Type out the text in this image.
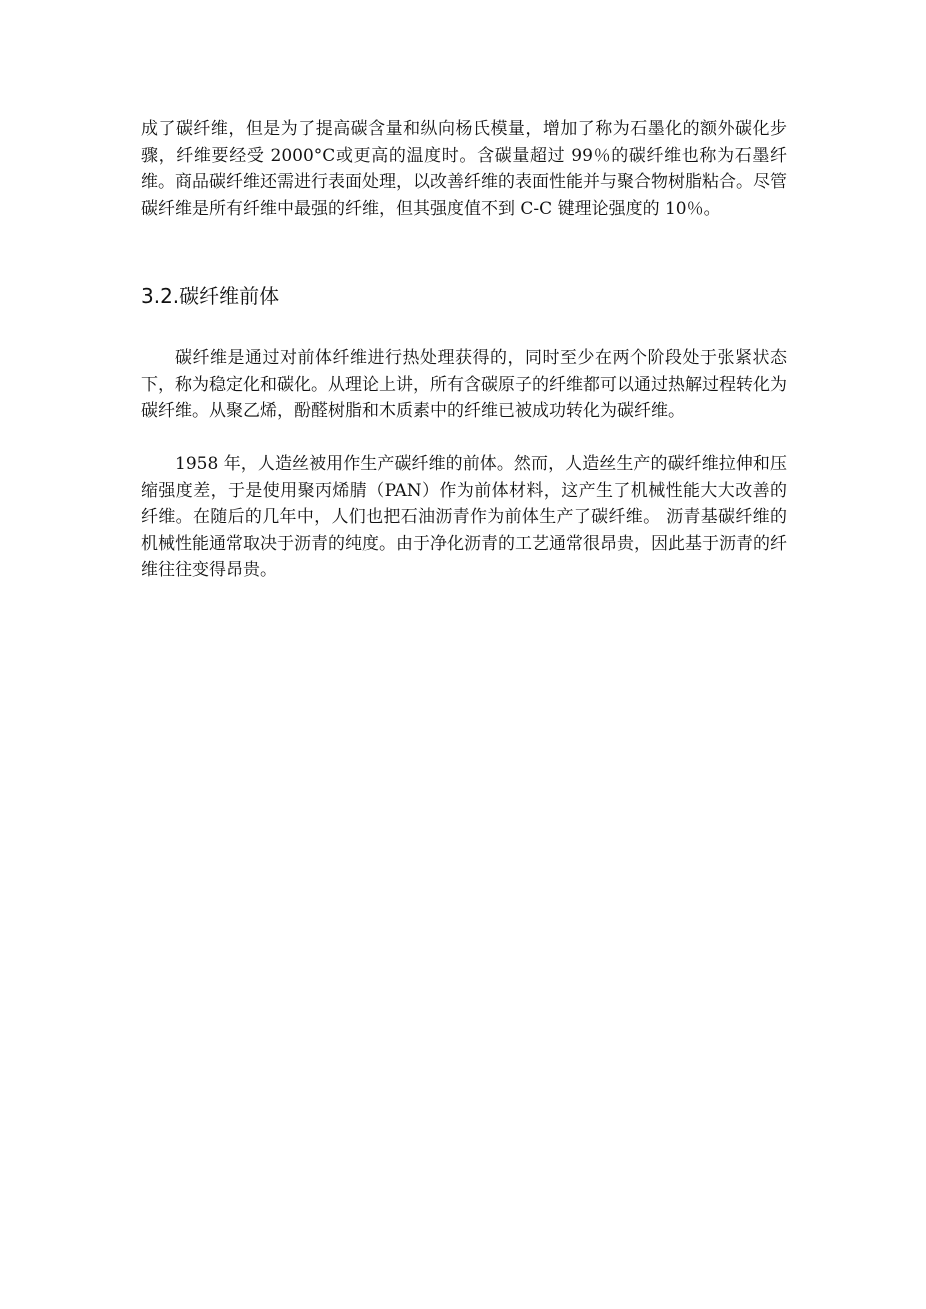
成了碳纤维，但是为了提高碳含量和纵向杨氏模量，增加了称为石墨化的额外碳化步骤，纤维要经受 2000°C或更高的温度时。含碳量超过 99％的碳纤维也称为石墨纤维。商品碳纤维还需进行表面处理，以改善纤维的表面性能并与聚合物树脂粘合。尽管碳纤维是所有纤维中最强的纤维，但其强度值不到 C-C 键理论强度的 10％。

3.2.碳纤维前体

碳纤维是通过对前体纤维进行热处理获得的，同时至少在两个阶段处于张紧状态下，称为稳定化和碳化。从理论上讲，所有含碳原子的纤维都可以通过热解过程转化为碳纤维。从聚乙烯，酚醛树脂和木质素中的纤维已被成功转化为碳纤维。

1958 年，人造丝被用作生产碳纤维的前体。然而，人造丝生产的碳纤维拉伸和压缩强度差，于是使用聚丙烯腈（PAN）作为前体材料，这产生了机械性能大大改善的纤维。在随后的几年中，人们也把石油沥青作为前体生产了碳纤维。 沥青基碳纤维的机械性能通常取决于沥青的纯度。由于净化沥青的工艺通常很昂贵，因此基于沥青的纤维往往变得昂贵。
